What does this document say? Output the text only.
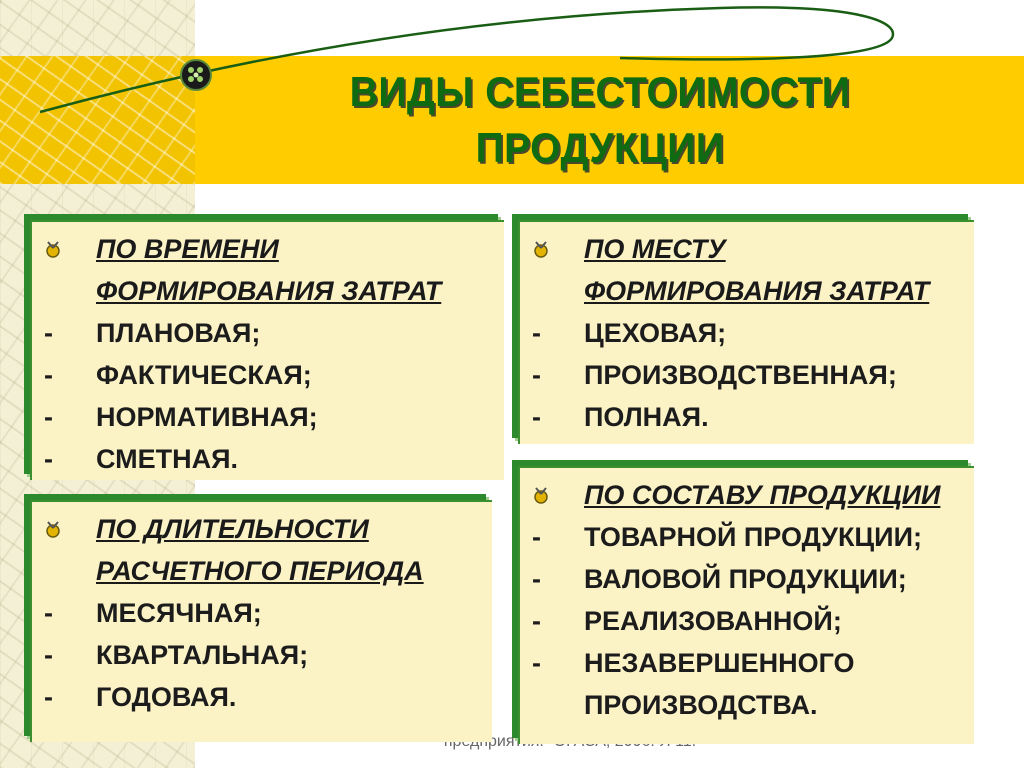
ВИДЫ СЕБЕСТОИМОСТИ
ПРОДУКЦИИ
предприятия.-
ПО ВРЕМЕНИ
ФОРМИРОВАНИЯ ЗАТРАТ
-	ПЛАНОВАЯ;
-	ФАКТИЧЕСКАЯ;
-	НОРМАТИВНАЯ;
-	СМЕТНАЯ.
ПО МЕСТУ
ФОРМИРОВАНИЯ ЗАТРАТ
-	ЦЕХОВАЯ;
-	ПРОИЗВОДСТВЕННАЯ;
-	ПОЛНАЯ.
ПО ДЛИТЕЛЬНОСТИ
РАСЧЕТНОГО ПЕРИОДА
-	МЕСЯЧНАЯ;
-	КВАРТАЛЬНАЯ;
-	ГОДОВАЯ.
ПО СОСТАВУ ПРОДУКЦИИ
-	ТОВАРНОЙ ПРОДУКЦИИ;
-	ВАЛОВОЙ ПРОДУКЦИИ;
-	РЕАЛИЗОВАННОЙ;
-	НЕЗАВЕРШЕННОГО
ПРОИЗВОДСТВА.
